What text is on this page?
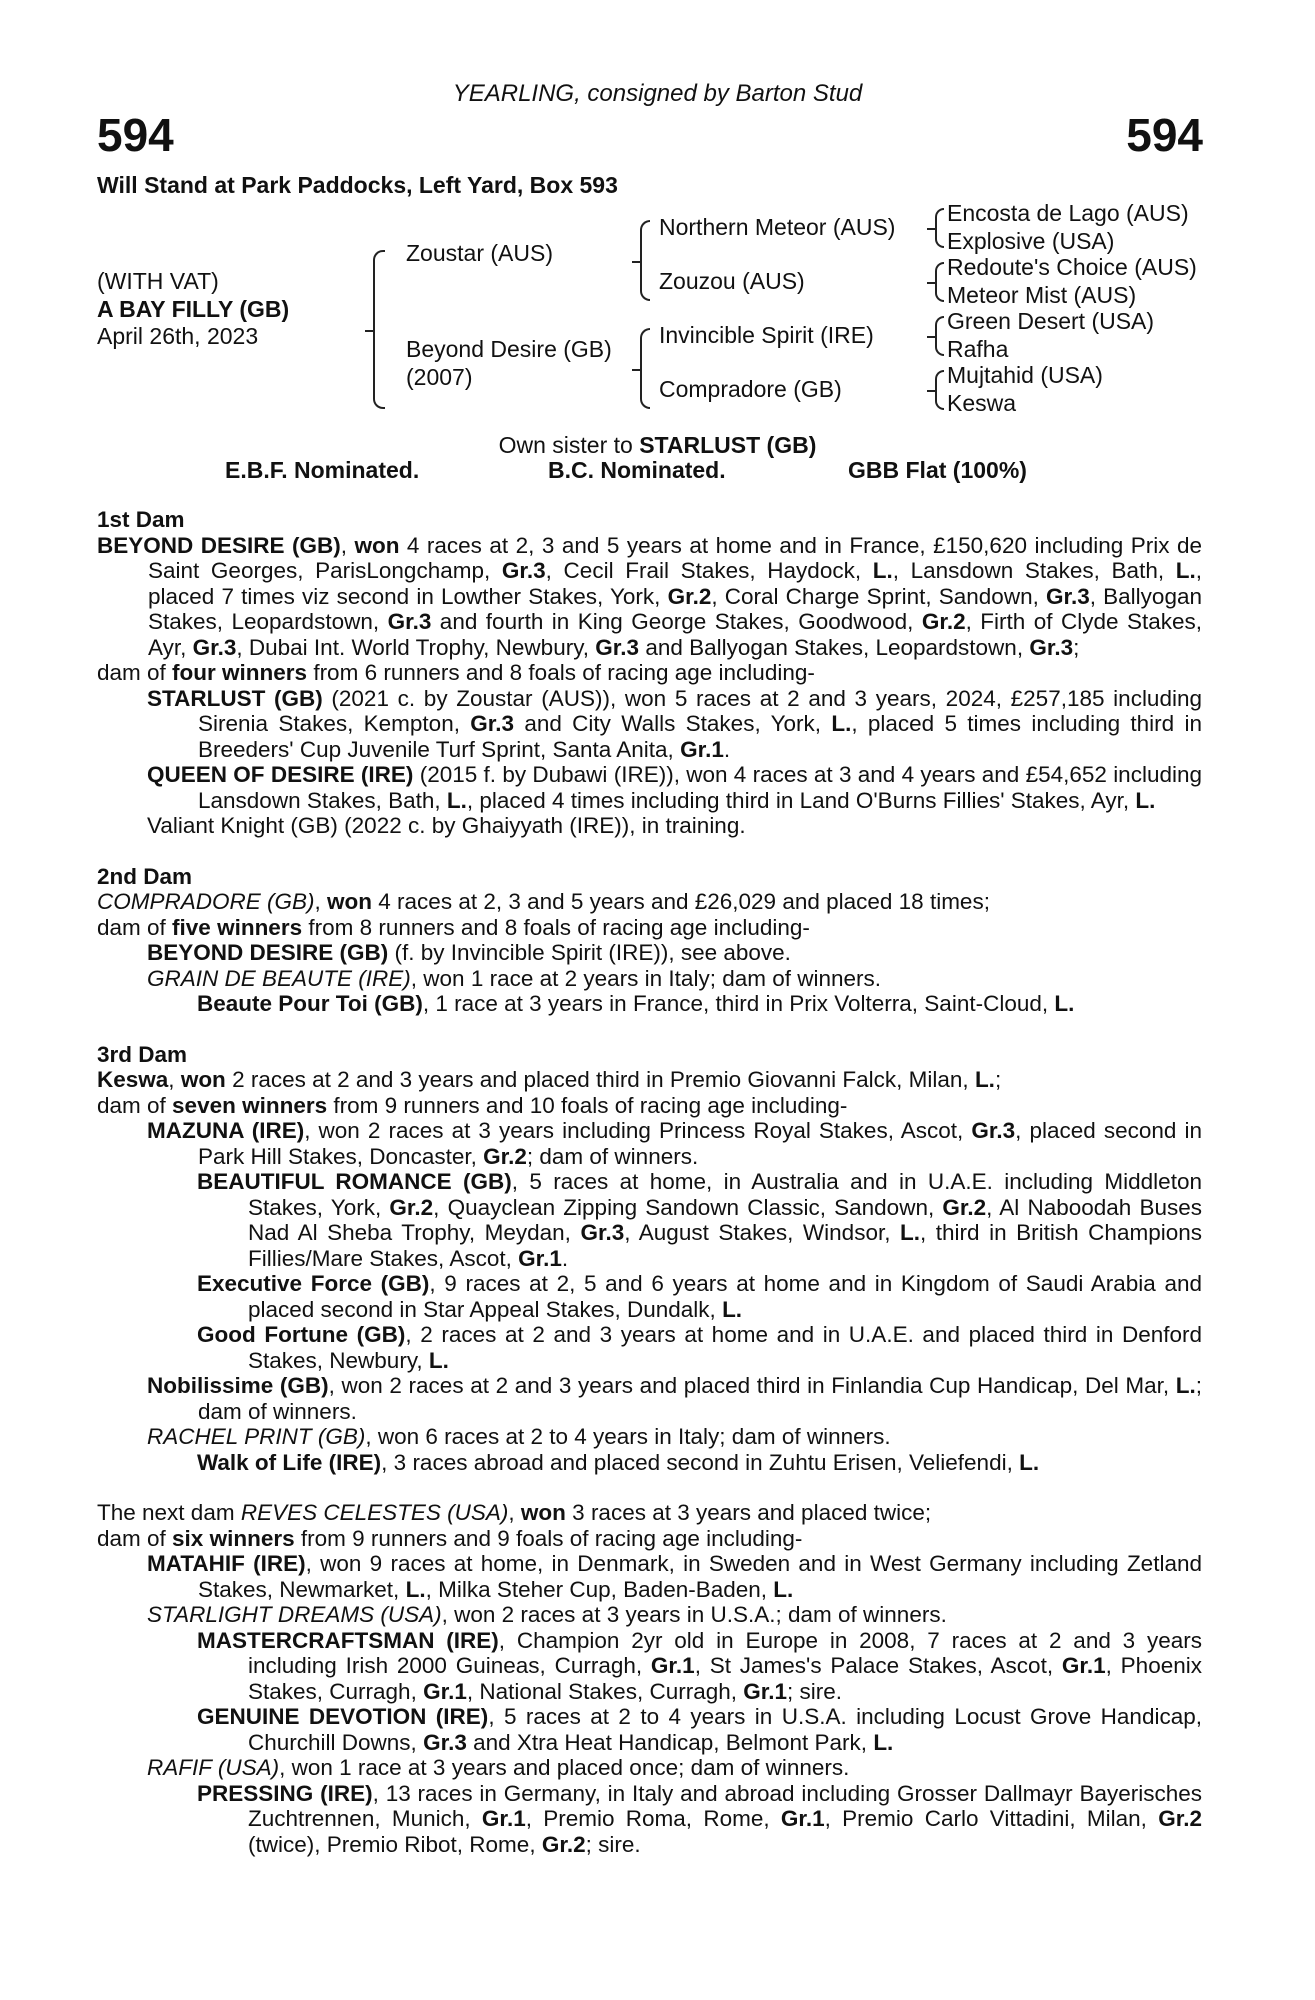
YEARLING, consigned by Barton Stud
594	594
Will Stand at Park Paddocks, Left Yard, Box 593
(WITH VAT)
A BAY FILLY (GB)
April 26th, 2023
Zoustar (AUS)
Beyond Desire (GB)
(2007)
Northern Meteor (AUS)
Zouzou (AUS)
Invincible Spirit (IRE)
Compradore (GB)
Encosta de Lago (AUS)
Explosive (USA)
Redoute's Choice (AUS)
Meteor Mist (AUS)
Green Desert (USA)
Rafha
Mujtahid (USA)
Keswa
Own sister to STARLUST (GB)
E.B.F. Nominated.	B.C. Nominated.	GBB Flat (100%)
1st Dam
BEYOND DESIRE (GB), won 4 races at 2, 3 and 5 years at home and in France, £150,620 including Prix de Saint Georges, ParisLongchamp, Gr.3, Cecil Frail Stakes, Haydock, L., Lansdown Stakes, Bath, L., placed 7 times viz second in Lowther Stakes, York, Gr.2, Coral Charge Sprint, Sandown, Gr.3, Ballyogan Stakes, Leopardstown, Gr.3 and fourth in King George Stakes, Goodwood, Gr.2, Firth of Clyde Stakes, Ayr, Gr.3, Dubai Int. World Trophy, Newbury, Gr.3 and Ballyogan Stakes, Leopardstown, Gr.3;
dam of four winners from 6 runners and 8 foals of racing age including-
STARLUST (GB) (2021 c. by Zoustar (AUS)), won 5 races at 2 and 3 years, 2024, £257,185 including Sirenia Stakes, Kempton, Gr.3 and City Walls Stakes, York, L., placed 5 times including third in Breeders' Cup Juvenile Turf Sprint, Santa Anita, Gr.1.
QUEEN OF DESIRE (IRE) (2015 f. by Dubawi (IRE)), won 4 races at 3 and 4 years and £54,652 including Lansdown Stakes, Bath, L., placed 4 times including third in Land O'Burns Fillies' Stakes, Ayr, L.
Valiant Knight (GB) (2022 c. by Ghaiyyath (IRE)), in training.
2nd Dam
COMPRADORE (GB), won 4 races at 2, 3 and 5 years and £26,029 and placed 18 times;
dam of five winners from 8 runners and 8 foals of racing age including-
BEYOND DESIRE (GB) (f. by Invincible Spirit (IRE)), see above.
GRAIN DE BEAUTE (IRE), won 1 race at 2 years in Italy; dam of winners.
Beaute Pour Toi (GB), 1 race at 3 years in France, third in Prix Volterra, Saint-Cloud, L.
3rd Dam
Keswa, won 2 races at 2 and 3 years and placed third in Premio Giovanni Falck, Milan, L.;
dam of seven winners from 9 runners and 10 foals of racing age including-
MAZUNA (IRE), won 2 races at 3 years including Princess Royal Stakes, Ascot, Gr.3, placed second in Park Hill Stakes, Doncaster, Gr.2; dam of winners.
BEAUTIFUL ROMANCE (GB), 5 races at home, in Australia and in U.A.E. including Middleton Stakes, York, Gr.2, Quayclean Zipping Sandown Classic, Sandown, Gr.2, Al Naboodah Buses Nad Al Sheba Trophy, Meydan, Gr.3, August Stakes, Windsor, L., third in British Champions Fillies/Mare Stakes, Ascot, Gr.1.
Executive Force (GB), 9 races at 2, 5 and 6 years at home and in Kingdom of Saudi Arabia and placed second in Star Appeal Stakes, Dundalk, L.
Good Fortune (GB), 2 races at 2 and 3 years at home and in U.A.E. and placed third in Denford Stakes, Newbury, L.
Nobilissime (GB), won 2 races at 2 and 3 years and placed third in Finlandia Cup Handicap, Del Mar, L.; dam of winners.
RACHEL PRINT (GB), won 6 races at 2 to 4 years in Italy; dam of winners.
Walk of Life (IRE), 3 races abroad and placed second in Zuhtu Erisen, Veliefendi, L.
The next dam REVES CELESTES (USA), won 3 races at 3 years and placed twice;
dam of six winners from 9 runners and 9 foals of racing age including-
MATAHIF (IRE), won 9 races at home, in Denmark, in Sweden and in West Germany including Zetland Stakes, Newmarket, L., Milka Steher Cup, Baden-Baden, L.
STARLIGHT DREAMS (USA), won 2 races at 3 years in U.S.A.; dam of winners.
MASTERCRAFTSMAN (IRE), Champion 2yr old in Europe in 2008, 7 races at 2 and 3 years including Irish 2000 Guineas, Curragh, Gr.1, St James's Palace Stakes, Ascot, Gr.1, Phoenix Stakes, Curragh, Gr.1, National Stakes, Curragh, Gr.1; sire.
GENUINE DEVOTION (IRE), 5 races at 2 to 4 years in U.S.A. including Locust Grove Handicap, Churchill Downs, Gr.3 and Xtra Heat Handicap, Belmont Park, L.
RAFIF (USA), won 1 race at 3 years and placed once; dam of winners.
PRESSING (IRE), 13 races in Germany, in Italy and abroad including Grosser Dallmayr Bayerisches Zuchtrennen, Munich, Gr.1, Premio Roma, Rome, Gr.1, Premio Carlo Vittadini, Milan, Gr.2 (twice), Premio Ribot, Rome, Gr.2; sire.
